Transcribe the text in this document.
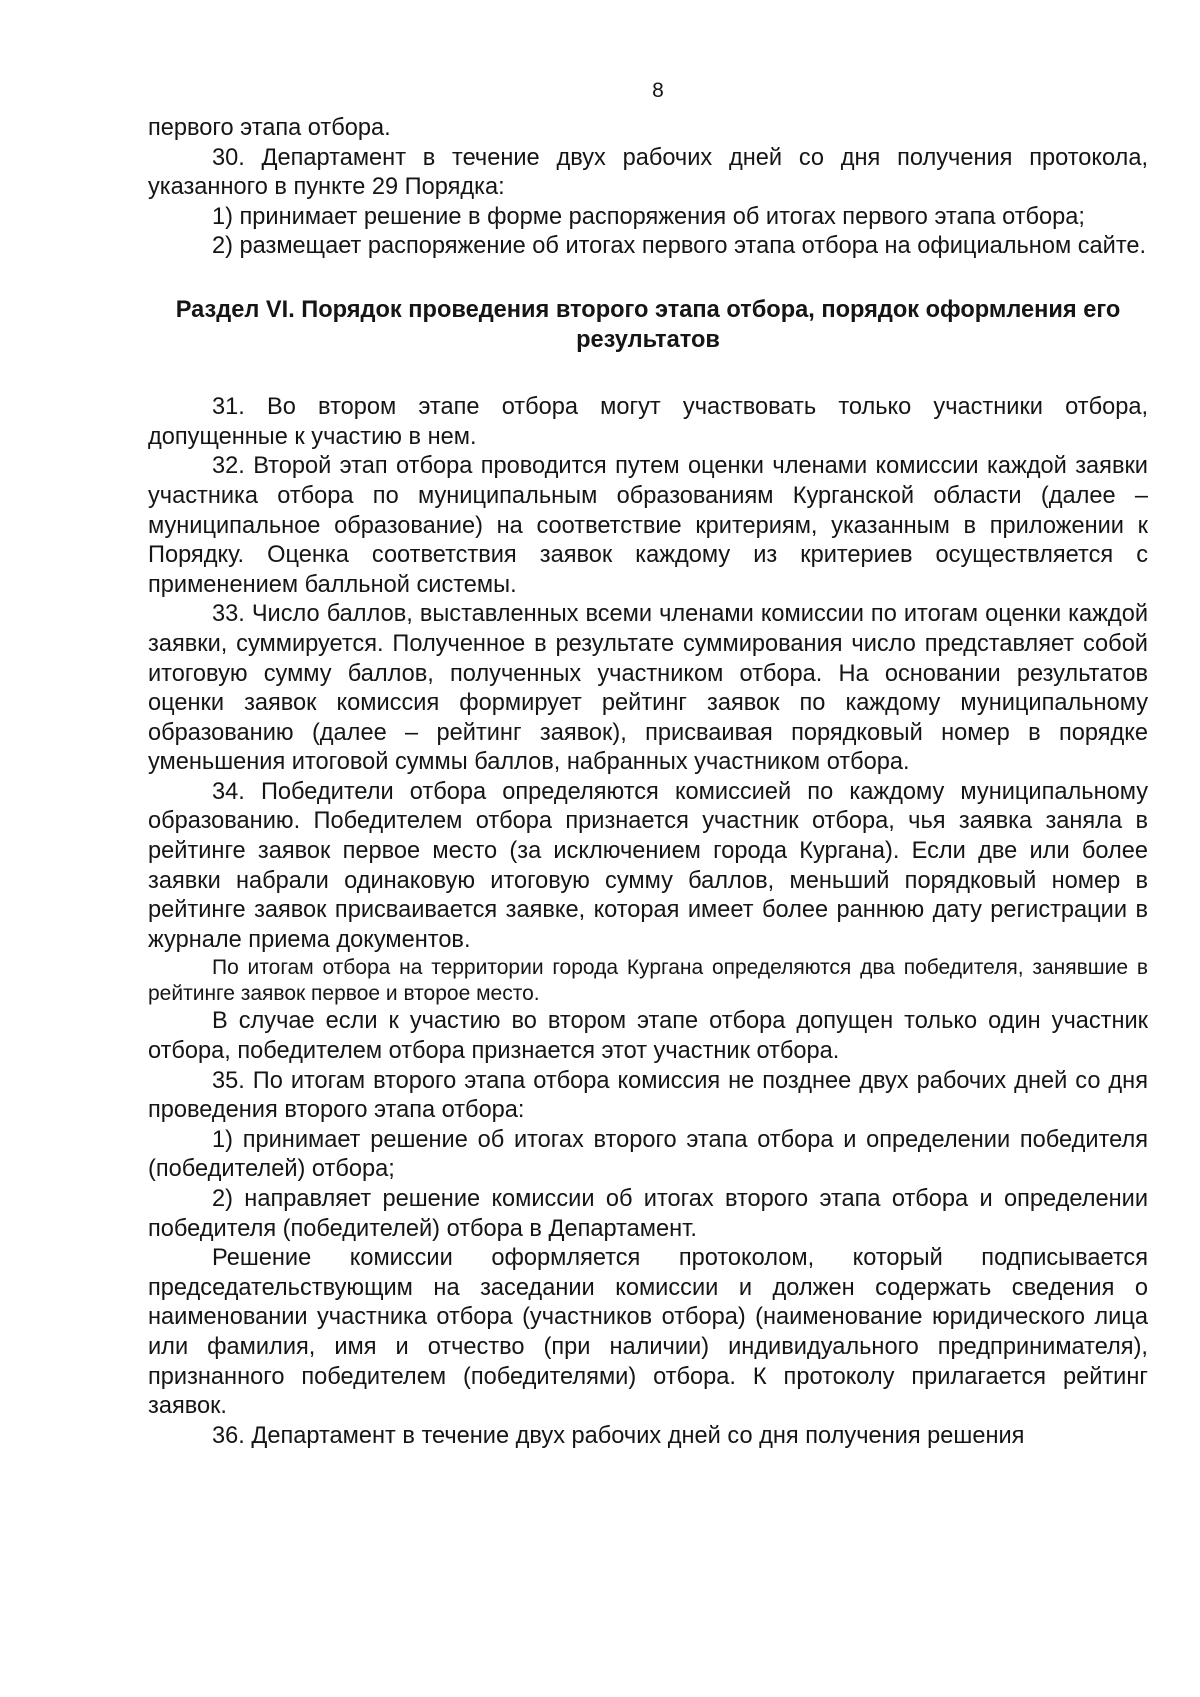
8

первого этапа отбора.

30. Департамент в течение двух рабочих дней со дня получения протокола, указанного в пункте 29 Порядка:

1) принимает решение в форме распоряжения об итогах первого этапа отбора;

2) размещает распоряжение об итогах первого этапа отбора на официальном сайте.

Раздел VI. Порядок проведения второго этапа отбора, порядок оформления его результатов

31. Во втором этапе отбора могут участвовать только участники отбора, допущенные к участию в нем.

32. Второй этап отбора проводится путем оценки членами комиссии каждой заявки участника отбора по муниципальным образованиям Курганской области (далее – муниципальное образование) на соответствие критериям, указанным в приложении к Порядку. Оценка соответствия заявок каждому из критериев осуществляется с применением балльной системы.

33. Число баллов, выставленных всеми членами комиссии по итогам оценки каждой заявки, суммируется. Полученное в результате суммирования число представляет собой итоговую сумму баллов, полученных участником отбора. На основании результатов оценки заявок комиссия формирует рейтинг заявок по каждому муниципальному образованию (далее – рейтинг заявок), присваивая порядковый номер в порядке уменьшения итоговой суммы баллов, набранных участником отбора.

34. Победители отбора определяются комиссией по каждому муниципальному образованию. Победителем отбора признается участник отбора, чья заявка заняла в рейтинге заявок первое место (за исключением города Кургана). Если две или более заявки набрали одинаковую итоговую сумму баллов, меньший порядковый номер в рейтинге заявок присваивается заявке, которая имеет более раннюю дату регистрации в журнале приема документов.

По итогам отбора на территории города Кургана определяются два победителя, занявшие в рейтинге заявок первое и второе место.

В случае если к участию во втором этапе отбора допущен только один участник отбора, победителем отбора признается этот участник отбора.

35. По итогам второго этапа отбора комиссия не позднее двух рабочих дней со дня проведения второго этапа отбора:

1) принимает решение об итогах второго этапа отбора и определении победителя (победителей) отбора;

2) направляет решение комиссии об итогах второго этапа отбора и определении победителя (победителей) отбора в Департамент.

Решение комиссии оформляется протоколом, который подписывается председательствующим на заседании комиссии и должен содержать сведения о наименовании участника отбора (участников отбора) (наименование юридического лица или фамилия, имя и отчество (при наличии) индивидуального предпринимателя), признанного победителем (победителями) отбора. К протоколу прилагается рейтинг заявок.

36. Департамент в течение двух рабочих дней со дня получения решения
